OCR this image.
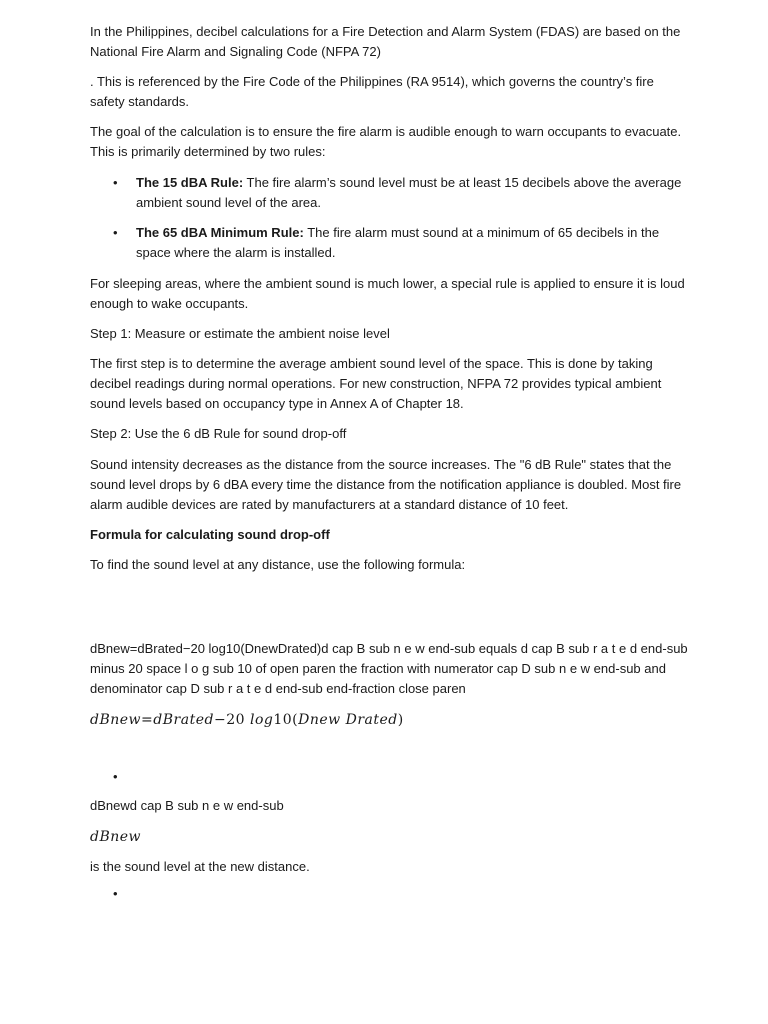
In the Philippines, decibel calculations for a Fire Detection and Alarm System (FDAS) are based on the National Fire Alarm and Signaling Code (NFPA 72)

. This is referenced by the Fire Code of the Philippines (RA 9514), which governs the country’s fire safety standards.

The goal of the calculation is to ensure the fire alarm is audible enough to warn occupants to evacuate. This is primarily determined by two rules:

• The 15 dBA Rule: The fire alarm’s sound level must be at least 15 decibels above the average ambient sound level of the area.
• The 65 dBA Minimum Rule: The fire alarm must sound at a minimum of 65 decibels in the space where the alarm is installed.

For sleeping areas, where the ambient sound is much lower, a special rule is applied to ensure it is loud enough to wake occupants.

Step 1: Measure or estimate the ambient noise level

The first step is to determine the average ambient sound level of the space. This is done by taking decibel readings during normal operations. For new construction, NFPA 72 provides typical ambient sound levels based on occupancy type in Annex A of Chapter 18.

Step 2: Use the 6 dB Rule for sound drop-off

Sound intensity decreases as the distance from the source increases. The "6 dB Rule" states that the sound level drops by 6 dBA every time the distance from the notification appliance is doubled. Most fire alarm audible devices are rated by manufacturers at a standard distance of 10 feet.

Formula for calculating sound drop-off

To find the sound level at any distance, use the following formula:

dBnew=dBrated−20 log10(DnewDrated)d cap B sub n e w end-sub equals d cap B sub r a t e d end-sub minus 20 space l o g sub 10 of open paren the fraction with numerator cap D sub n e w end-sub and denominator cap D sub r a t e d end-sub end-fraction close paren

dBnew=dBrated−20 log10(Dnew Drated)
•

dBnewd cap B sub n e w end-sub

dBnew

is the sound level at the new distance.

•
